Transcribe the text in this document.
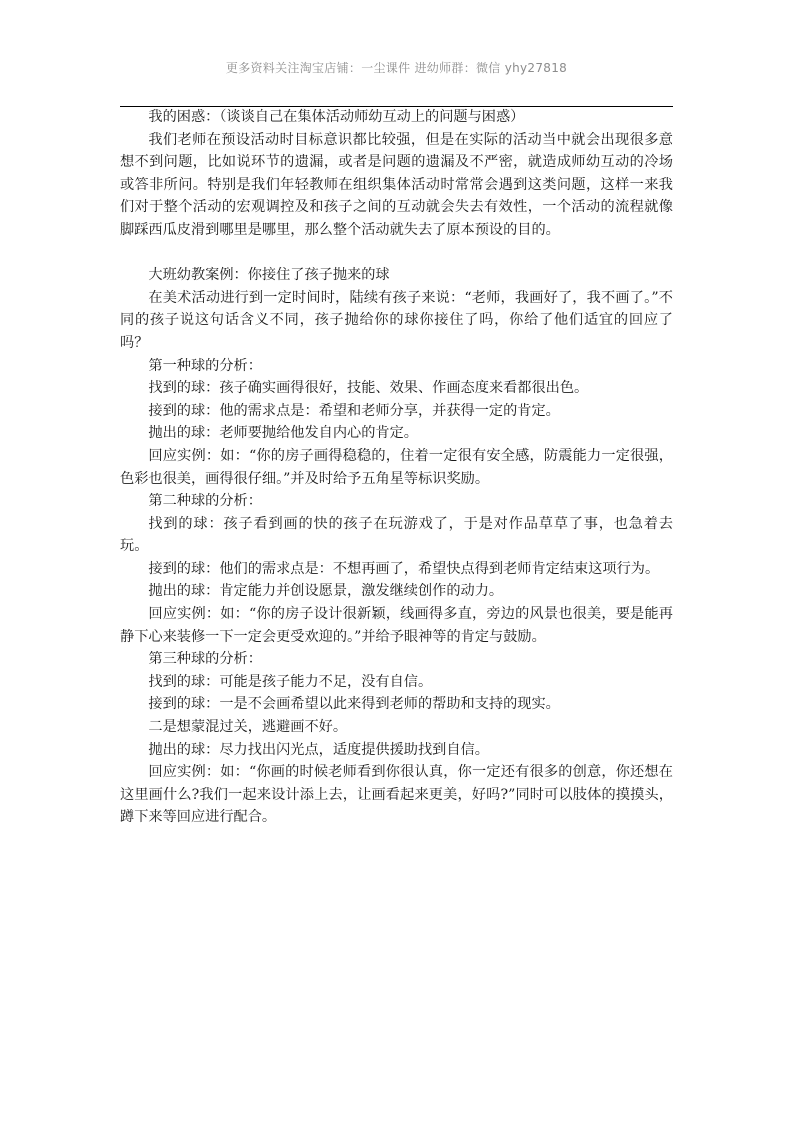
更多资料关注淘宝店铺：一尘课件 进幼师群：微信 yhy27818

我的困惑：（谈谈自己在集体活动师幼互动上的问题与困惑）

我们老师在预设活动时目标意识都比较强，但是在实际的活动当中就会出现很多意想不到问题，比如说环节的遗漏，或者是问题的遗漏及不严密，就造成师幼互动的冷场或答非所问。特别是我们年轻教师在组织集体活动时常常会遇到这类问题，这样一来我们对于整个活动的宏观调控及和孩子之间的互动就会失去有效性，一个活动的流程就像脚踩西瓜皮滑到哪里是哪里，那么整个活动就失去了原本预设的目的。

大班幼教案例：你接住了孩子抛来的球

在美术活动进行到一定时间时，陆续有孩子来说：“老师，我画好了，我不画了。”不同的孩子说这句话含义不同，孩子抛给你的球你接住了吗，你给了他们适宜的回应了吗？

第一种球的分析：

找到的球：孩子确实画得很好，技能、效果、作画态度来看都很出色。

接到的球：他的需求点是：希望和老师分享，并获得一定的肯定。

抛出的球：老师要抛给他发自内心的肯定。

回应实例：如：“你的房子画得稳稳的，住着一定很有安全感，防震能力一定很强，色彩也很美，画得很仔细。”并及时给予五角星等标识奖励。

第二种球的分析：

找到的球：孩子看到画的快的孩子在玩游戏了，于是对作品草草了事，也急着去玩。

接到的球：他们的需求点是：不想再画了，希望快点得到老师肯定结束这项行为。

抛出的球：肯定能力并创设愿景，激发继续创作的动力。

回应实例：如：“你的房子设计很新颖，线画得多直，旁边的风景也很美，要是能再静下心来装修一下一定会更受欢迎的。”并给予眼神等的肯定与鼓励。

第三种球的分析：

找到的球：可能是孩子能力不足，没有自信。

接到的球：一是不会画希望以此来得到老师的帮助和支持的现实。

二是想蒙混过关，逃避画不好。

抛出的球：尽力找出闪光点，适度提供援助找到自信。

回应实例：如：“你画的时候老师看到你很认真，你一定还有很多的创意，你还想在这里画什么?我们一起来设计添上去，让画看起来更美，好吗?”同时可以肢体的摸摸头，蹲下来等回应进行配合。
